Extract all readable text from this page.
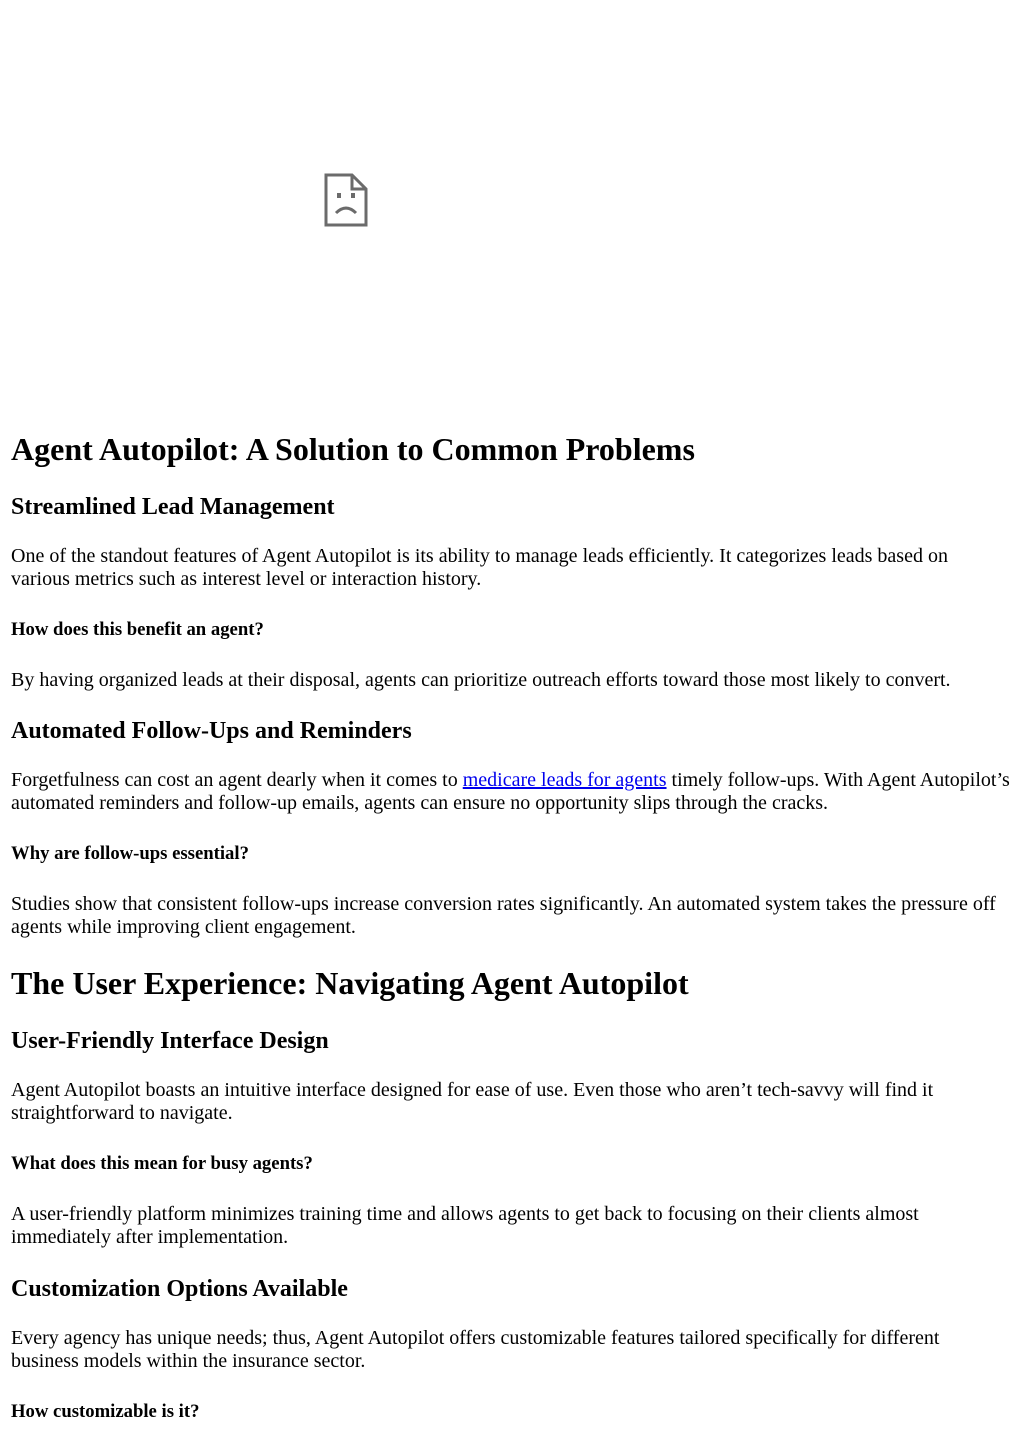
Agent Autopilot: A Solution to Common Problems
Streamlined Lead Management

One of the standout features of Agent Autopilot is its ability to manage leads efficiently. It categorizes leads based on various metrics such as interest level or interaction history.

How does this benefit an agent?

By having organized leads at their disposal, agents can prioritize outreach efforts toward those most likely to convert.

Automated Follow-Ups and Reminders

Forgetfulness can cost an agent dearly when it comes to medicare leads for agents timely follow-ups. With Agent Autopilot’s automated reminders and follow-up emails, agents can ensure no opportunity slips through the cracks.

Why are follow-ups essential?

Studies show that consistent follow-ups increase conversion rates significantly. An automated system takes the pressure off agents while improving client engagement.

The User Experience: Navigating Agent Autopilot
User-Friendly Interface Design

Agent Autopilot boasts an intuitive interface designed for ease of use. Even those who aren’t tech-savvy will find it straightforward to navigate.

What does this mean for busy agents?

A user-friendly platform minimizes training time and allows agents to get back to focusing on their clients almost immediately after implementation.

Customization Options Available

Every agency has unique needs; thus, Agent Autopilot offers customizable features tailored specifically for different business models within the insurance sector.

How customizable is it?
